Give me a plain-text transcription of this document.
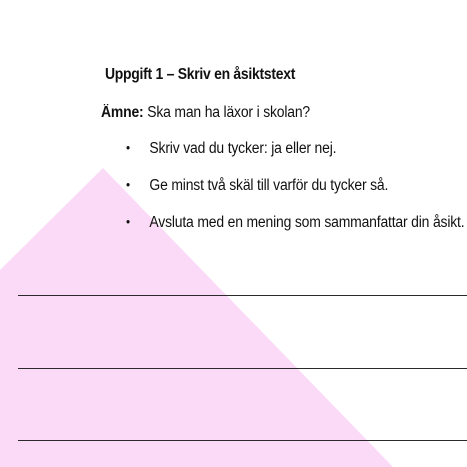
Uppgift 1 – Skriv en åsiktstext
Ämne: Ska man ha läxor i skolan?
• Skriv vad du tycker: ja eller nej.
• Ge minst två skäl till varför du tycker så.
• Avsluta med en mening som sammanfattar din åsikt.
